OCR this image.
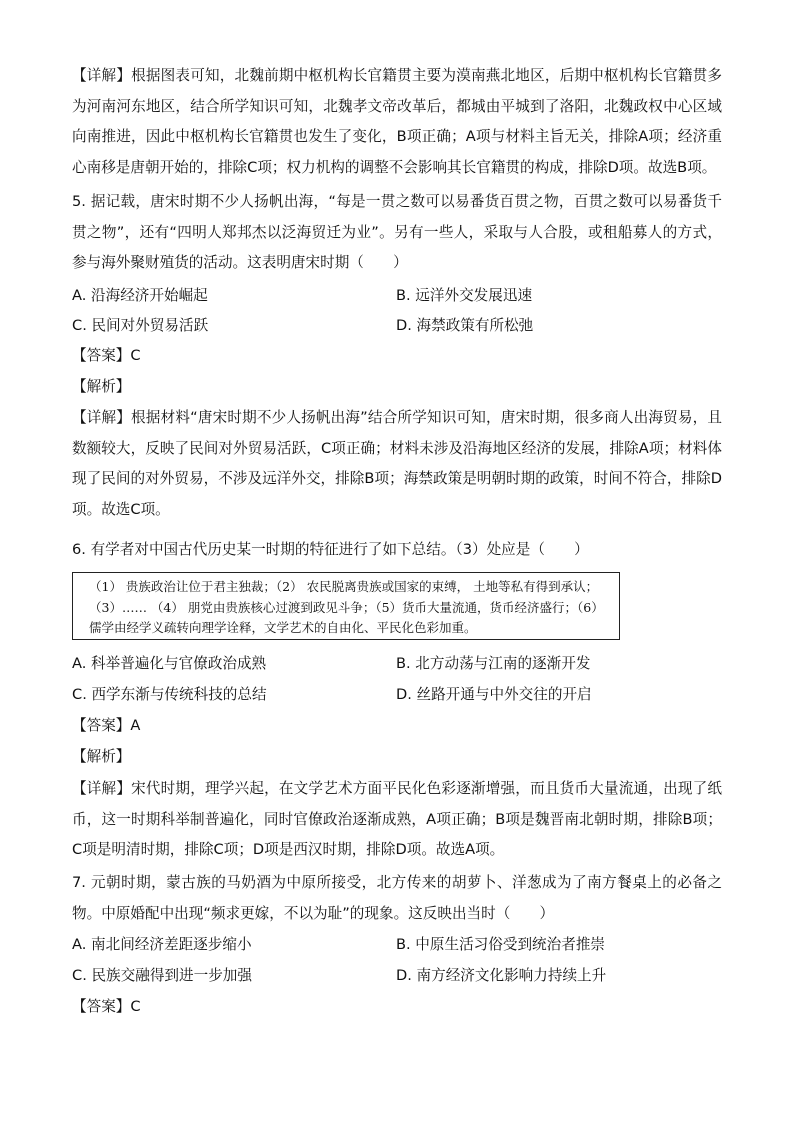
【详解】根据图表可知，北魏前期中枢机构长官籍贯主要为漠南燕北地区，后期中枢机构长官籍贯多为河南河东地区，结合所学知识可知，北魏孝文帝改革后，都城由平城到了洛阳，北魏政权中心区域向南推进，因此中枢机构长官籍贯也发生了变化，B项正确；A项与材料主旨无关，排除A项；经济重心南移是唐朝开始的，排除C项；权力机构的调整不会影响其长官籍贯的构成，排除D项。故选B项。

5. 据记载，唐宋时期不少人扬帆出海，“每是一贯之数可以易番货百贯之物，百贯之数可以易番货千贯之物”，还有“四明人郑邦杰以泛海贸迁为业”。另有一些人，采取与人合股，或租船募人的方式，参与海外聚财殖货的活动。这表明唐宋时期（　　）

A. 沿海经济开始崛起	B. 远洋外交发展迅速
C. 民间对外贸易活跃	D. 海禁政策有所松弛

【答案】C

【解析】

【详解】根据材料“唐宋时期不少人扬帆出海”结合所学知识可知，唐宋时期，很多商人出海贸易，且数额较大，反映了民间对外贸易活跃，C项正确；材料未涉及沿海地区经济的发展，排除A项；材料体现了民间的对外贸易，不涉及远洋外交，排除B项；海禁政策是明朝时期的政策，时间不符合，排除D项。故选C项。

6. 有学者对中国古代历史某一时期的特征进行了如下总结。（3）处应是（　　）

（1） 贵族政治让位于君主独裁；（2） 农民脱离贵族或国家的束缚， 土地等私有得到承认；

（3）…… （4） 朋党由贵族核心过渡到政见斗争；（5）货币大量流通，货币经济盛行；（6）

儒学由经学义疏转向理学诠释，文学艺术的自由化、平民化色彩加重。

A. 科举普遍化与官僚政治成熟	B. 北方动荡与江南的逐渐开发
C. 西学东渐与传统科技的总结	D. 丝路开通与中外交往的开启

【答案】A

【解析】

【详解】宋代时期，理学兴起，在文学艺术方面平民化色彩逐渐增强，而且货币大量流通，出现了纸币，这一时期科举制普遍化，同时官僚政治逐渐成熟，A项正确；B项是魏晋南北朝时期，排除B项；C项是明清时期，排除C项；D项是西汉时期，排除D项。故选A项。

7. 元朝时期，蒙古族的马奶酒为中原所接受，北方传来的胡萝卜、洋葱成为了南方餐桌上的必备之物。中原婚配中出现“频求更嫁，不以为耻”的现象。这反映出当时（　　）

A. 南北间经济差距逐步缩小	B. 中原生活习俗受到统治者推崇
C. 民族交融得到进一步加强	D. 南方经济文化影响力持续上升

【答案】C
